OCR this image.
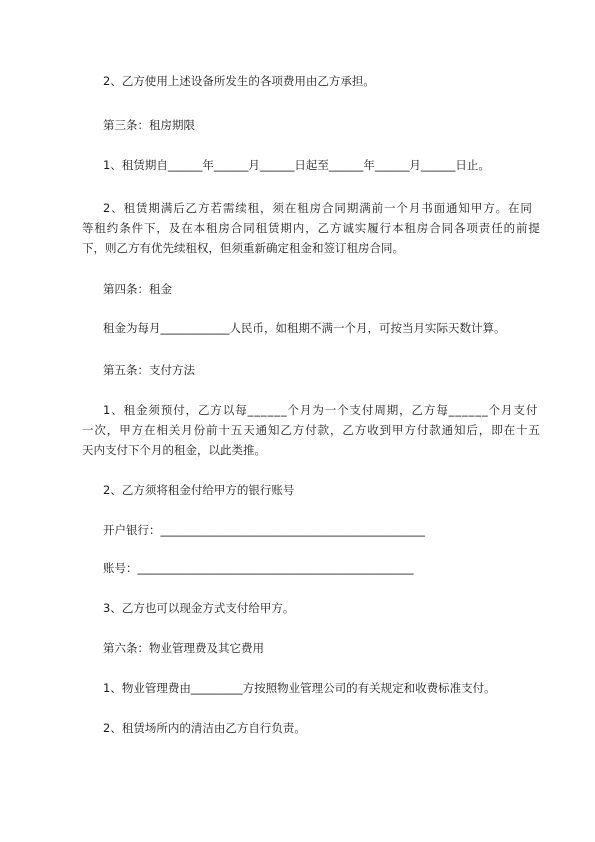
2、乙方使用上述设备所发生的各项费用由乙方承担。
第三条：租房期限
1、租赁期自______年______月______日起至______年______月______日止。
2、租赁期满后乙方若需续租，须在租房合同期满前一个月书面通知甲方。在同
等租约条件下，及在本租房合同租赁期内，乙方诚实履行本租房合同各项责任的前提
下，则乙方有优先续租权，但须重新确定租金和签订租房合同。
第四条：租金
租金为每月____________人民币，如租期不满一个月，可按当月实际天数计算。
第五条：支付方法
1、租金须预付，乙方以每______个月为一个支付周期，乙方每______个月支付
一次，甲方在相关月份前十五天通知乙方付款，乙方收到甲方付款通知后，即在十五
天内支付下个月的租金，以此类推。
2、乙方须将租金付给甲方的银行账号
开户银行：______________________________________________
账号：________________________________________________
3、乙方也可以现金方式支付给甲方。
第六条：物业管理费及其它费用
1、物业管理费由_________方按照物业管理公司的有关规定和收费标准支付。
2、租赁场所内的清洁由乙方自行负责。
